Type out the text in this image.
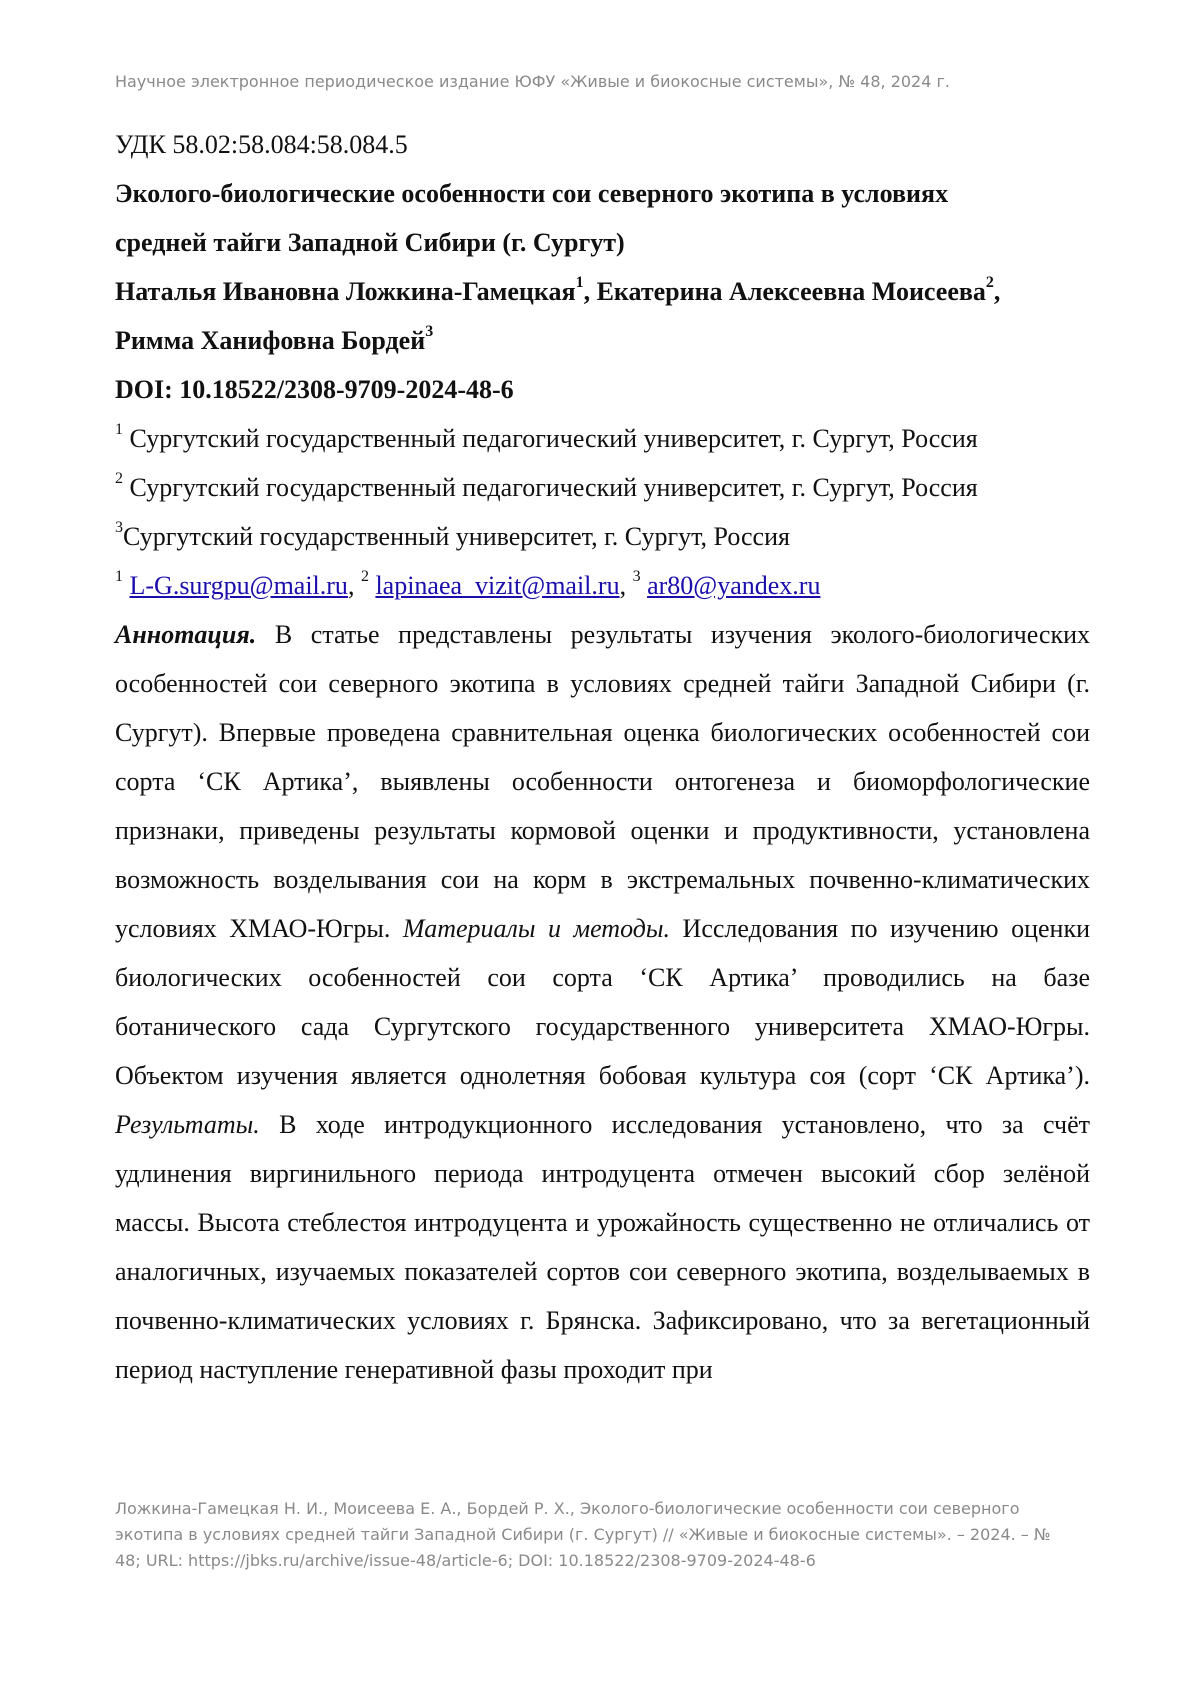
Научное электронное периодическое издание ЮФУ «Живые и биокосные системы», № 48, 2024 г.
УДК 58.02:58.084:58.084.5
Эколого-биологические особенности сои северного экотипа в условиях
средней тайги Западной Сибири (г. Сургут)
Наталья Ивановна Ложкина-Гамецкая$^1$, Екатерина Алексеевна Моисеева$^2$,
Римма Ханифовна Бордей$^3$
DOI: 10.18522/2308-9709-2024-48-6
$^1$ Сургутский государственный педагогический университет, г. Сургут, Россия
$^2$ Сургутский государственный педагогический университет, г. Сургут, Россия
$^3$Сургутский государственный университет, г. Сургут, Россия
$^1$ L-G.surgpu@mail.ru, $^2$ lapinaea_vizit@mail.ru, $^3$ ar80@yandex.ru

Аннотация. В статье представлены результаты изучения эколого-биологических особенностей сои северного экотипа в условиях средней тайги Западной Сибири (г. Сургут). Впервые проведена сравнительная оценка биологических особенностей сои сорта ‘СК Артика’, выявлены особенности онтогенеза и биоморфологические признаки, приведены результаты кормовой оценки и продуктивности, установлена возможность возделывания сои на корм в экстремальных почвенно-климатических условиях ХМАО-Югры. Материалы и методы. Исследования по изучению оценки биологических особенностей сои сорта ‘СК Артика’ проводились на базе ботанического сада Сургутского государственного университета ХМАО-Югры. Объектом изучения является однолетняя бобовая культура соя (сорт ‘СК Артика’). Результаты. В ходе интродукционного исследования установлено, что за счёт удлинения виргинильного периода интродуцента отмечен высокий сбор зелёной массы. Высота стеблестоя интродуцента и урожайность существенно не отличались от аналогичных, изучаемых показателей сортов сои северного экотипа, возделываемых в почвенно-климатических условиях г. Брянска. Зафиксировано, что за вегетационный период наступление генеративной фазы проходит при

Ложкина-Гамецкая Н. И., Моисеева Е. А., Бордей Р. Х., Эколого-биологические особенности сои северного экотипа в условиях средней тайги Западной Сибири (г. Сургут) // «Живые и биокосные системы». – 2024. – № 48; URL: https://jbks.ru/archive/issue-48/article-6; DOI: 10.18522/2308-9709-2024-48-6
